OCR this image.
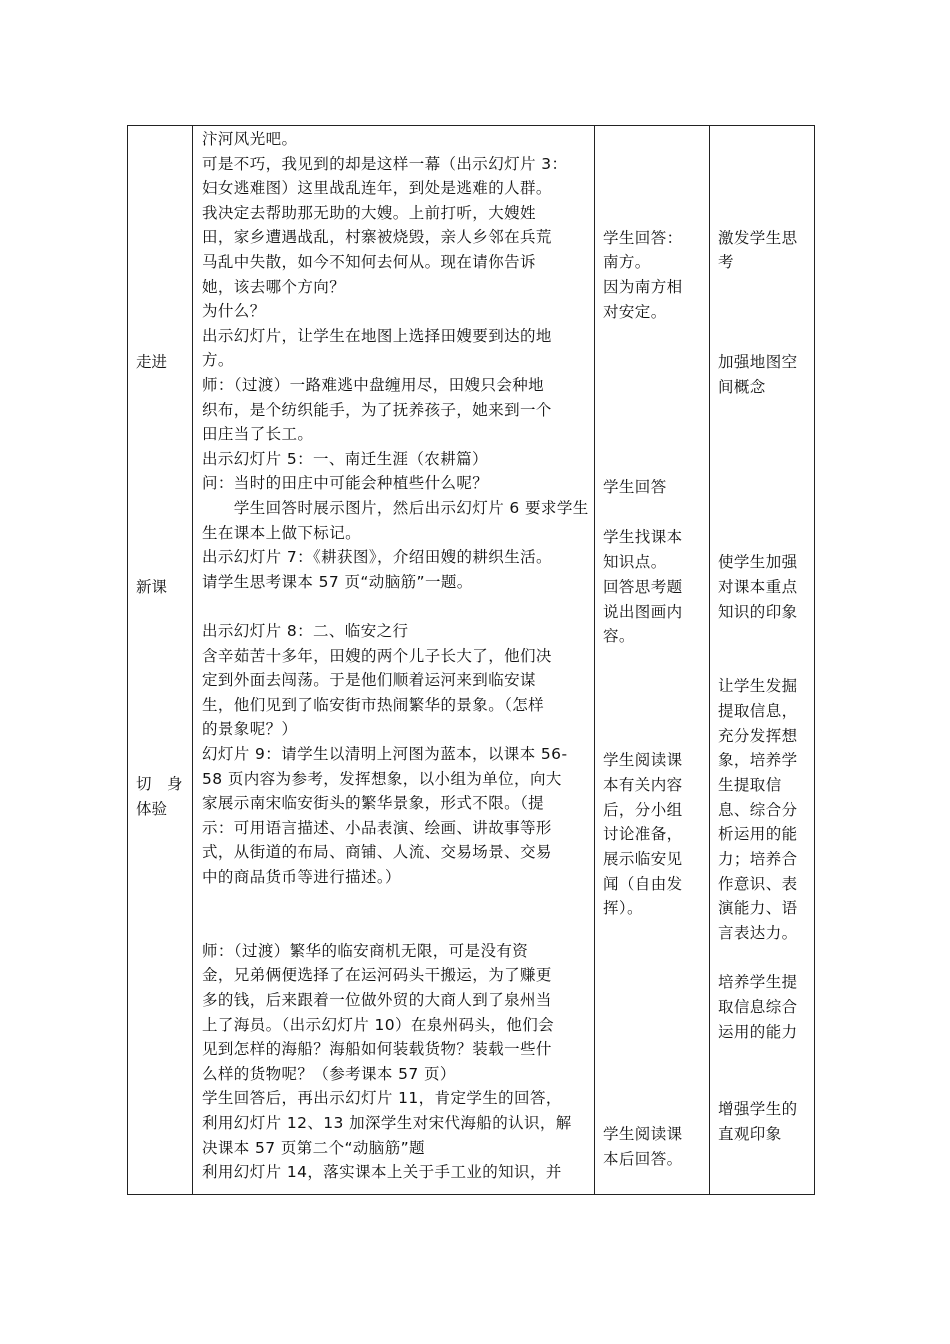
走进
新课
切　身
体验
汴河风光吧。
可是不巧，我见到的却是这样一幕（出示幻灯片 3：
妇女逃难图）这里战乱连年，到处是逃难的人群。
我决定去帮助那无助的大嫂。上前打听，大嫂姓
田，家乡遭遇战乱，村寨被烧毁，亲人乡邻在兵荒
马乱中失散，如今不知何去何从。现在请你告诉
她，该去哪个方向？
为什么？
出示幻灯片，让学生在地图上选择田嫂要到达的地
方。
师：（过渡）一路难逃中盘缠用尽，田嫂只会种地
织布，是个纺织能手，为了抚养孩子，她来到一个
田庄当了长工。
出示幻灯片 5：一、南迁生涯（农耕篇）
问：当时的田庄中可能会种植些什么呢？
　　学生回答时展示图片，然后出示幻灯片 6 要求学生
生在课本上做下标记。
出示幻灯片 7：《耕获图》，介绍田嫂的耕织生活。
请学生思考课本 57 页“动脑筋”一题。
出示幻灯片 8：二、临安之行
含辛茹苦十多年，田嫂的两个儿子长大了，他们决
定到外面去闯荡。于是他们顺着运河来到临安谋
生，他们见到了临安街市热闹繁华的景象。（怎样
的景象呢？）
幻灯片 9：请学生以清明上河图为蓝本，以课本 56-
58 页内容为参考，发挥想象，以小组为单位，向大
家展示南宋临安街头的繁华景象，形式不限。（提
示：可用语言描述、小品表演、绘画、讲故事等形
式，从街道的布局、商铺、人流、交易场景、交易
中的商品货币等进行描述。）
师：（过渡）繁华的临安商机无限，可是没有资
金，兄弟俩便选择了在运河码头干搬运，为了赚更
多的钱，后来跟着一位做外贸的大商人到了泉州当
上了海员。（出示幻灯片 10）在泉州码头，他们会
见到怎样的海船？海船如何装载货物？装载一些什
么样的货物呢？（参考课本 57 页）
学生回答后，再出示幻灯片 11，肯定学生的回答，
利用幻灯片 12、13 加深学生对宋代海船的认识，解
决课本 57 页第二个“动脑筋”题
利用幻灯片 14，落实课本上关于手工业的知识，并
学生回答：
南方。
因为南方相
对安定。
学生回答
学生找课本
知识点。
回答思考题
说出图画内
容。
学生阅读课
本有关内容
后，分小组
讨论准备，
展示临安见
闻（自由发
挥）。
学生阅读课
本后回答。
激发学生思
考
加强地图空
间概念
使学生加强
对课本重点
知识的印象
让学生发掘
提取信息，
充分发挥想
象，培养学
生提取信
息、综合分
析运用的能
力；培养合
作意识、表
演能力、语
言表达力。
培养学生提
取信息综合
运用的能力
增强学生的
直观印象
